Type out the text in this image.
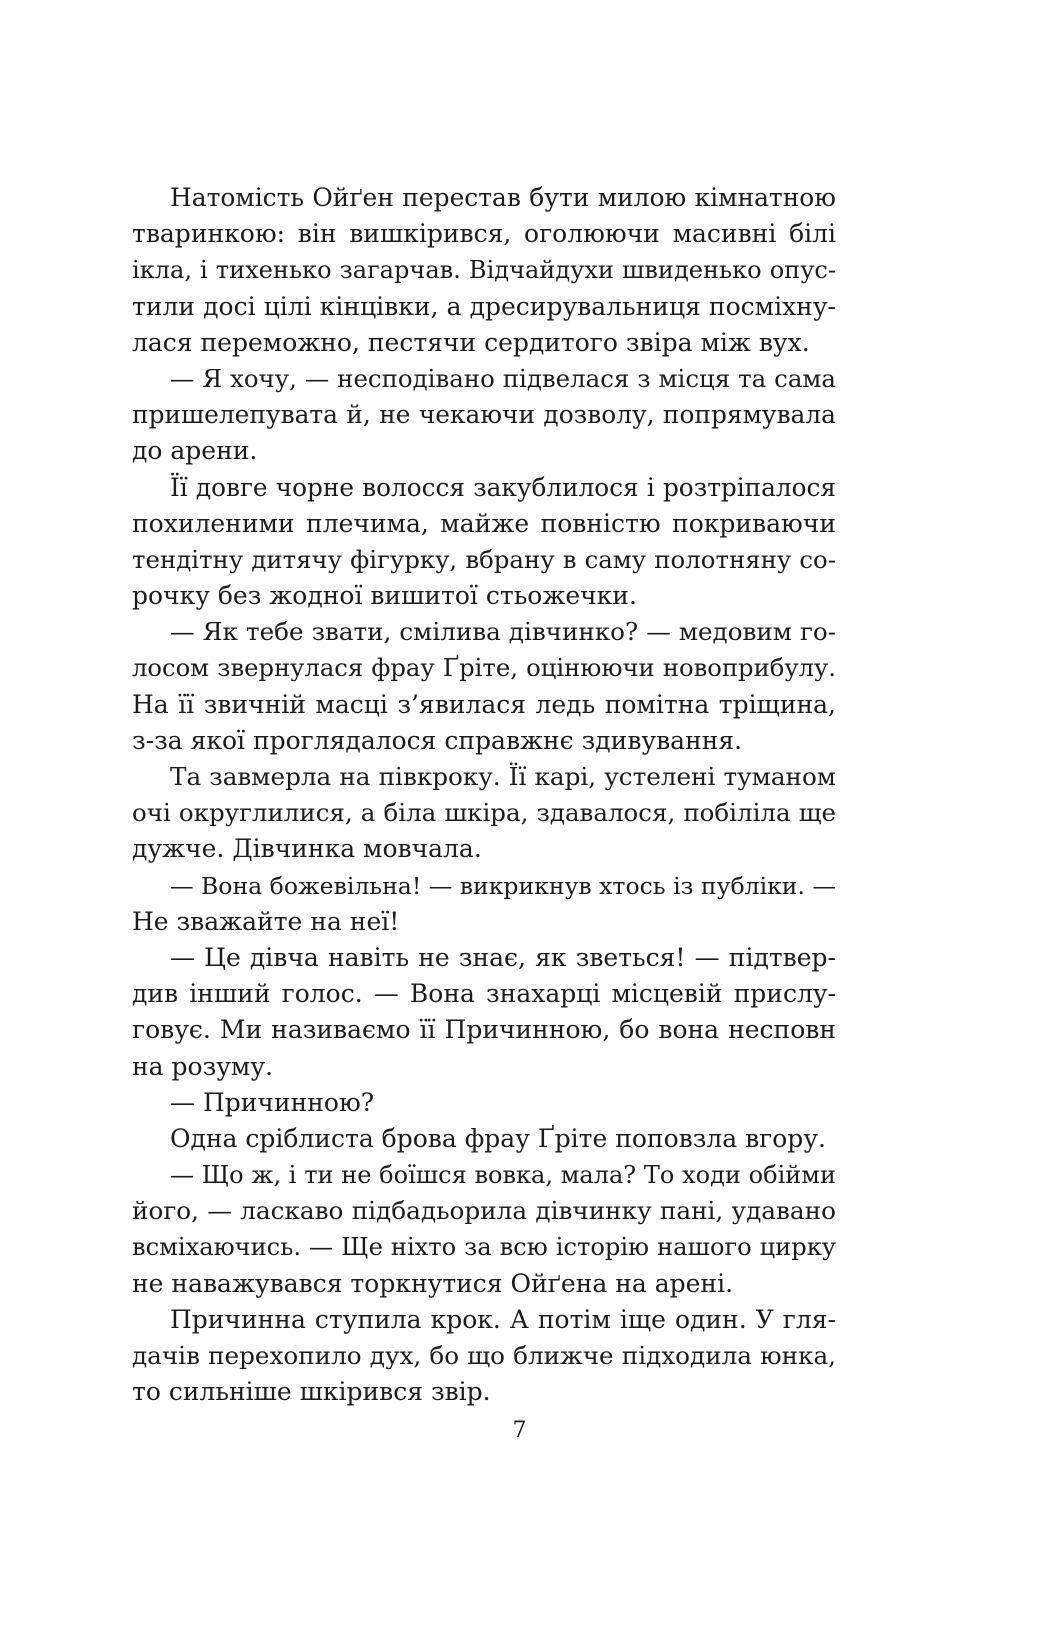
Натомість Ойґен перестав бути милою кімнатною
тваринкою: він вишкірився, оголюючи масивні білі
ікла, і тихенько загарчав. Відчайдухи швиденько опус-
тили досі цілі кінцівки, а дресирувальниця посміхну-
лася переможно, пестячи сердитого звіра між вух.
— Я хочу, — несподівано підвелася з місця та сама
пришелепувата й, не чекаючи дозволу, попрямувала
до арени.
Її довге чорне волосся закублилося і розтріпалося
похиленими плечима, майже повністю покриваючи
тендітну дитячу фігурку, вбрану в саму полотняну со-
рочку без жодної вишитої стьожечки.
— Як тебе звати, смілива дівчинко? — медовим го-
лосом звернулася фрау Ґріте, оцінюючи новоприбулу.
На її звичній масці з’явилася ледь помітна тріщина,
з-за якої проглядалося справжнє здивування.
Та завмерла на півкроку. Її карі, устелені туманом
очі округлилися, а біла шкіра, здавалося, побіліла ще
дужче. Дівчинка мовчала.
— Вона божевільна! — викрикнув хтось із публіки. —
Не зважайте на неї!
— Це дівча навіть не знає, як зветься! — підтвер-
див інший голос. — Вона знахарці місцевій прислу-
говує. Ми називаємо її Причинною, бо вона несповн
на розуму.
— Причинною?
Одна сріблиста брова фрау Ґріте поповзла вгору.
— Що ж, і ти не боїшся вовка, мала? То ходи обійми
його, — ласкаво підбадьорила дівчинку пані, удавано
всміхаючись. — Ще ніхто за всю історію нашого цирку
не наважувався торкнутися Ойґена на арені.
Причинна ступила крок. А потім іще один. У гля-
дачів перехопило дух, бо що ближче підходила юнка,
то сильніше шкірився звір.
7
